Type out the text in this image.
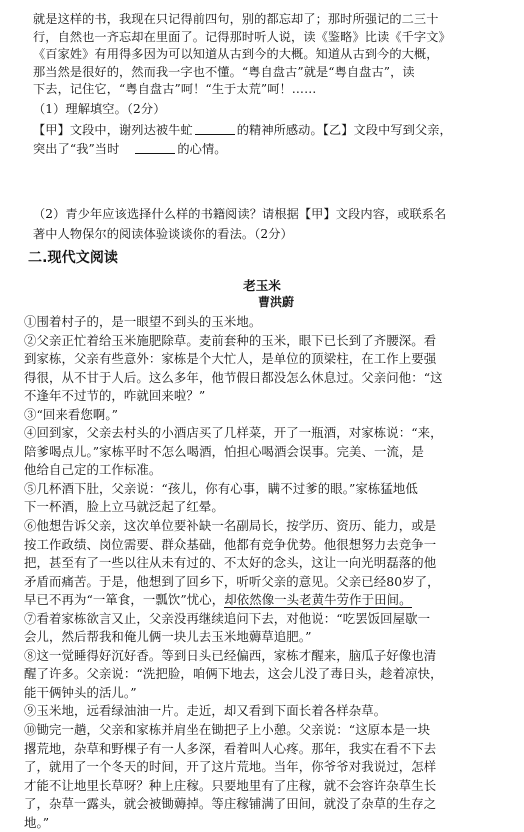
就是这样的书，我现在只记得前四句，别的都忘却了；那时所强记的二三十
行，自然也一齐忘却在里面了。记得那时听人说，读《鉴略》比读《千字文》
《百家姓》有用得多因为可以知道从古到今的大概。知道从古到今的大概，
那当然是很好的，然而我一字也不懂。“粤自盘古”就是“粤自盘古”，读
下去，记住它，“粤自盘古”呵！“生于太荒”呵！……
（1）理解填空。（2分）
【甲】文段中，谢列达被牛虻	的精神所感动。【乙】文段中写到父亲，
突出了“我”当时	的心情。
（2）青少年应该选择什么样的书籍阅读？请根据【甲】文段内容，或联系名
著中人物保尔的阅读体验谈谈你的看法。（2分）
二.现代文阅读
老玉米
曹洪蔚
①围着村子的，是一眼望不到头的玉米地。
②父亲正忙着给玉米施肥除草。麦前套种的玉米，眼下已长到了齐腰深。看
到家栋，父亲有些意外：家栋是个大忙人，是单位的顶梁柱，在工作上要强
得很，从不甘于人后。这么多年，他节假日都没怎么休息过。父亲问他：“这
不逢年不过节的，咋就回来啦？”
③“回来看您啊。”
④回到家，父亲去村头的小酒店买了几样菜，开了一瓶酒，对家栋说：“来，
陪爹喝点儿。”家栋平时不怎么喝酒，怕担心喝酒会误事。完美、一流，是
他给自己定的工作标准。
⑤几杯酒下肚，父亲说：“孩儿，你有心事，瞒不过爹的眼。”家栋猛地低
下一杯酒，脸上立马就泛起了红晕。
⑥他想告诉父亲，这次单位要补缺一名副局长，按学历、资历、能力，或是
按工作政绩、岗位需要、群众基础，他都有竞争优势。他很想努力去竞争一
把，甚至有了一些以往从未有过的、不太好的念头，这让一向光明磊落的他
矛盾而痛苦。于是，他想到了回乡下，听听父亲的意见。父亲已经80岁了，
早已不再为“一箪食，一瓢饮”忧心，却依然像一头老黄牛劳作于田间。
⑦看着家栋欲言又止，父亲没再继续追问下去，对他说：“吃罢饭回屋歇一
会儿，然后帮我和俺儿俩一块儿去玉米地薅草追肥。”
⑧这一觉睡得好沉好香。等到日头已经偏西，家栋才醒来，脑瓜子好像也清
醒了许多。父亲说：“洗把脸，咱俩下地去，这会儿没了毒日头，趁着凉快，
能干俩钟头的活儿。”
⑨玉米地，远看绿油油一片。走近，却又看到下面长着各样杂草。
⑩锄完一趟，父亲和家栋并肩坐在锄把子上小憩。父亲说：“这原本是一块
撂荒地，杂草和野棵子有一人多深，看着叫人心疼。那年，我实在看不下去
了，就用了一个冬天的时间，开了这片荒地。当年，你爷爷对我说过，怎样
才能不让地里长草呀？种上庄稼。只要地里有了庄稼，就不会容许杂草生长
了，杂草一露头，就会被锄薅掉。等庄稼铺满了田间，就没了杂草的生存之
地。”
